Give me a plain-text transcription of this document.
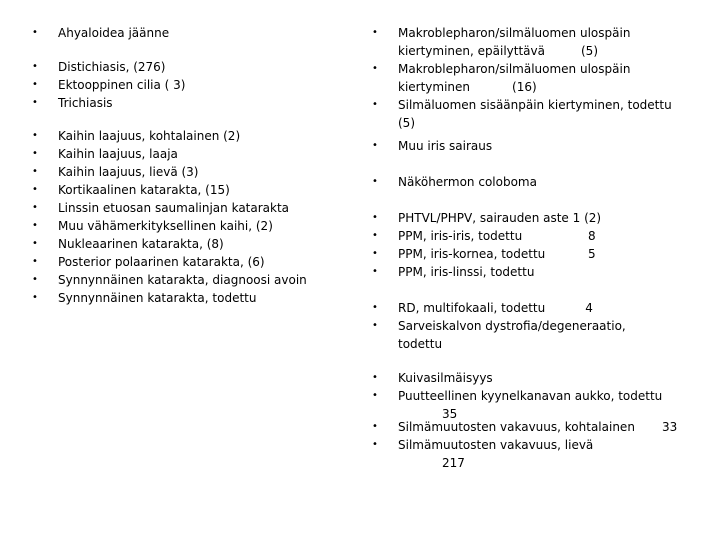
•	Ahyaloidea jäänne
•	Distichiasis, (276)
•	Ektooppinen cilia ( 3)
•	Trichiasis
•	Kaihin laajuus, kohtalainen (2)
•	Kaihin laajuus, laaja
•	Kaihin laajuus, lievä (3)
•	Kortikaalinen katarakta, (15)
•	Linssin etuosan saumalinjan katarakta
•	Muu vähämerkityksellinen kaihi, (2)
•	Nukleaarinen katarakta, (8)
•	Posterior polaarinen katarakta, (6)
•	Synnynnäinen katarakta, diagnoosi avoin
•	Synnynnäinen katarakta, todettu
•	Makroblepharon/silmäluomen ulospäin
kiertyminen, epäilyttävä	(5)
•	Makroblepharon/silmäluomen ulospäin
kiertyminen	(16)
•	Silmäluomen sisäänpäin kiertyminen, todettu
(5)
•	Muu iris sairaus
•	Näköhermon coloboma
•	PHTVL/PHPV, sairauden aste 1 (2)
•	PPM, iris-iris, todettu	8
•	PPM, iris-kornea, todettu	5
•	PPM, iris-linssi, todettu
•	RD, multifokaali, todettu	4
•	Sarveiskalvon dystrofia/degeneraatio,
todettu
•	Kuivasilmäisyys
•	Puutteellinen kyynelkanavan aukko, todettu
35
•	Silmämuutosten vakavuus, kohtalainen 33
•	Silmämuutosten vakavuus, lievä
217
